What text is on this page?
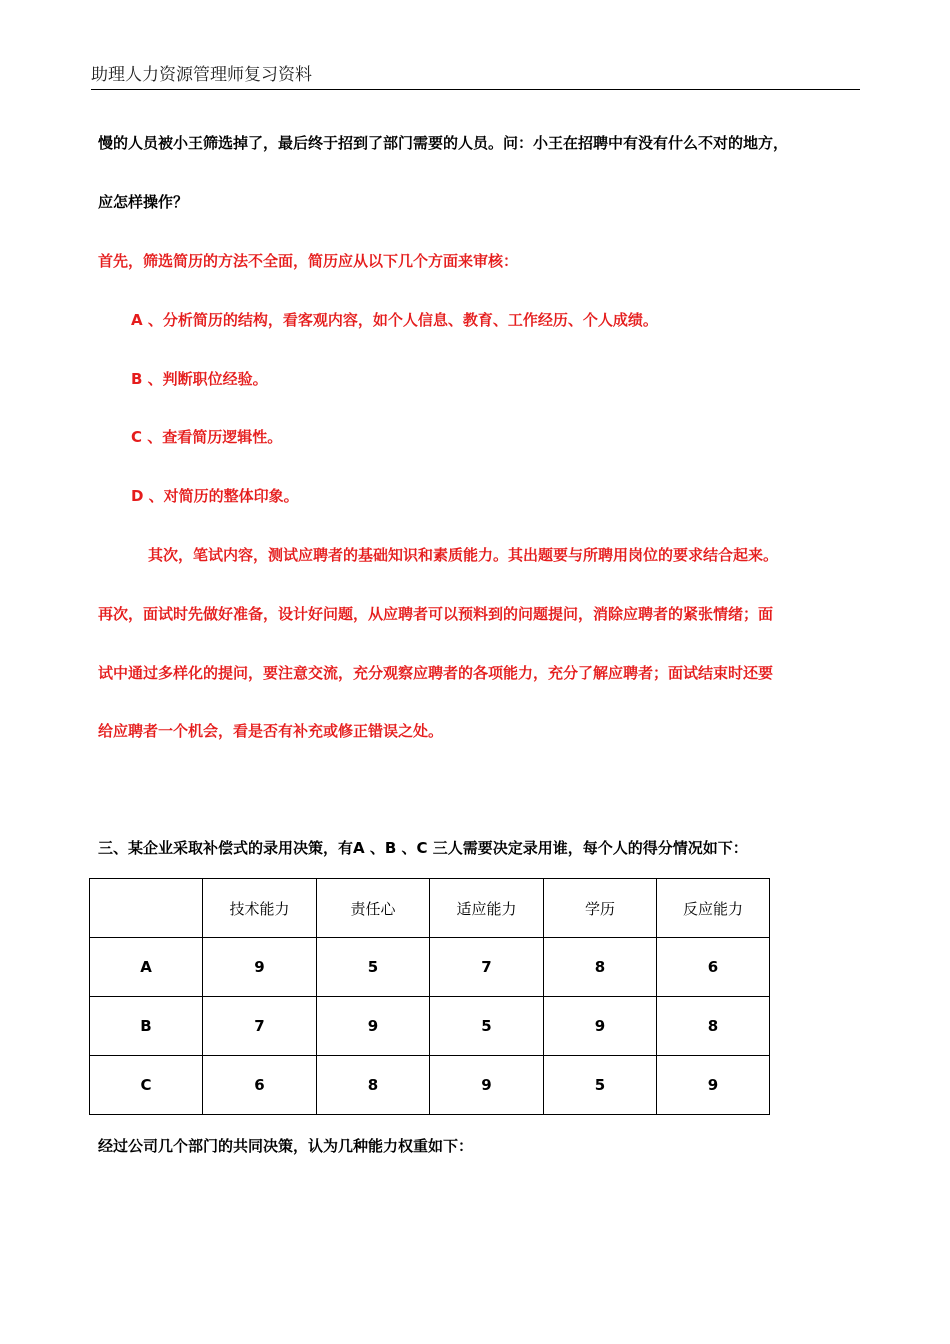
助理人力资源管理师复习资料
慢的人员被小王筛选掉了，最后终于招到了部门需要的人员。问：小王在招聘中有没有什么不对的地方，
应怎样操作？
首先，筛选简历的方法不全面，简历应从以下几个方面来审核：
A 、分析简历的结构，看客观内容，如个人信息、教育、工作经历、个人成绩。
B 、判断职位经验。
C 、查看简历逻辑性。
D 、对简历的整体印象。
其次，笔试内容，测试应聘者的基础知识和素质能力。其出题要与所聘用岗位的要求结合起来。
再次，面试时先做好准备，设计好问题，从应聘者可以预料到的问题提问，消除应聘者的紧张情绪；面
试中通过多样化的提问，要注意交流，充分观察应聘者的各项能力，充分了解应聘者；面试结束时还要
给应聘者一个机会，看是否有补充或修正错误之处。
三、某企业采取补偿式的录用决策，有A 、B 、C 三人需要决定录用谁，每个人的得分情况如下：
	技术能力	责任心	适应能力	学历	反应能力
A	9	5	7	8	6
B	7	9	5	9	8
C	6	8	9	5	9
经过公司几个部门的共同决策，认为几种能力权重如下：
